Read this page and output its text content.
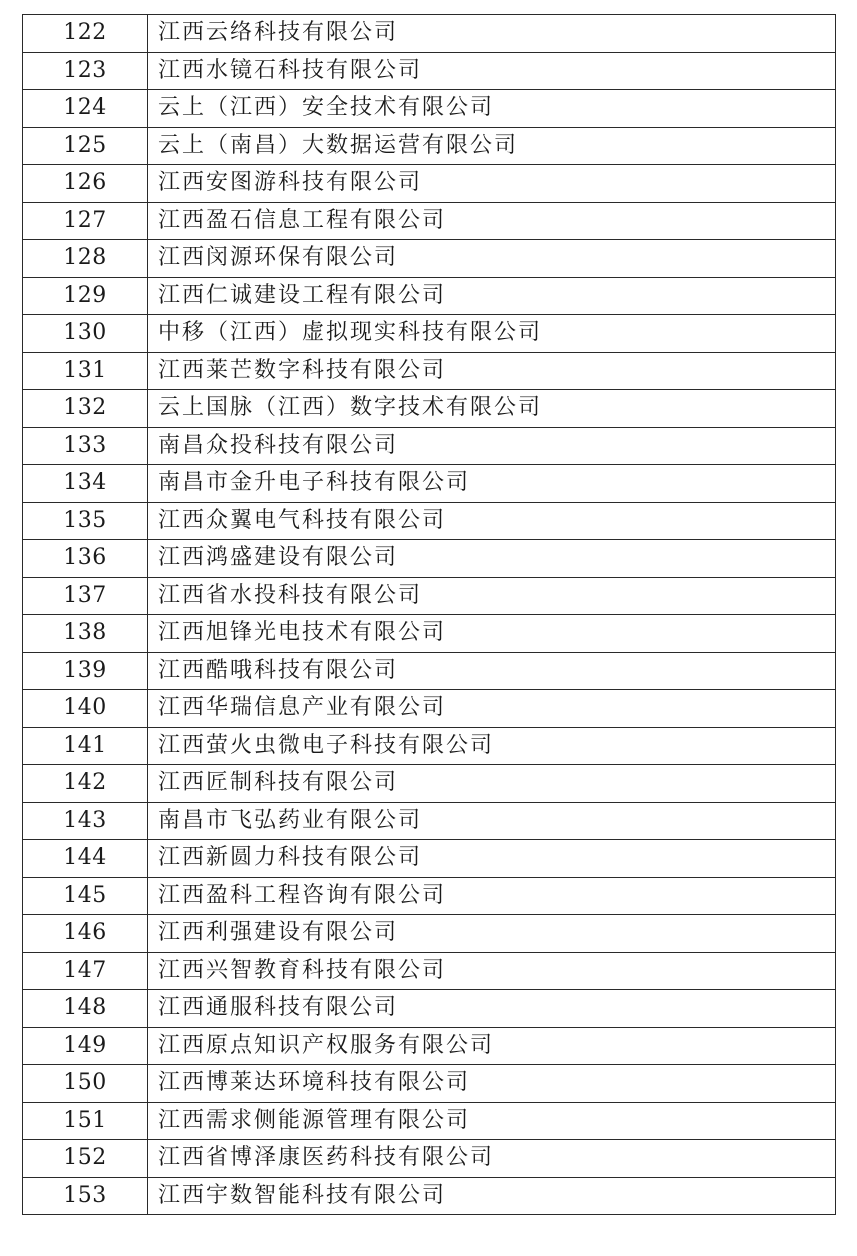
122	江西云络科技有限公司
123	江西水镜石科技有限公司
124	云上（江西）安全技术有限公司
125	云上（南昌）大数据运营有限公司
126	江西安图游科技有限公司
127	江西盈石信息工程有限公司
128	江西闵源环保有限公司
129	江西仁诚建设工程有限公司
130	中移（江西）虚拟现实科技有限公司
131	江西莱芒数字科技有限公司
132	云上国脉（江西）数字技术有限公司
133	南昌众投科技有限公司
134	南昌市金升电子科技有限公司
135	江西众翼电气科技有限公司
136	江西鸿盛建设有限公司
137	江西省水投科技有限公司
138	江西旭锋光电技术有限公司
139	江西酷哦科技有限公司
140	江西华瑞信息产业有限公司
141	江西萤火虫微电子科技有限公司
142	江西匠制科技有限公司
143	南昌市飞弘药业有限公司
144	江西新圆力科技有限公司
145	江西盈科工程咨询有限公司
146	江西利强建设有限公司
147	江西兴智教育科技有限公司
148	江西通服科技有限公司
149	江西原点知识产权服务有限公司
150	江西博莱达环境科技有限公司
151	江西需求侧能源管理有限公司
152	江西省博泽康医药科技有限公司
153	江西宇数智能科技有限公司
